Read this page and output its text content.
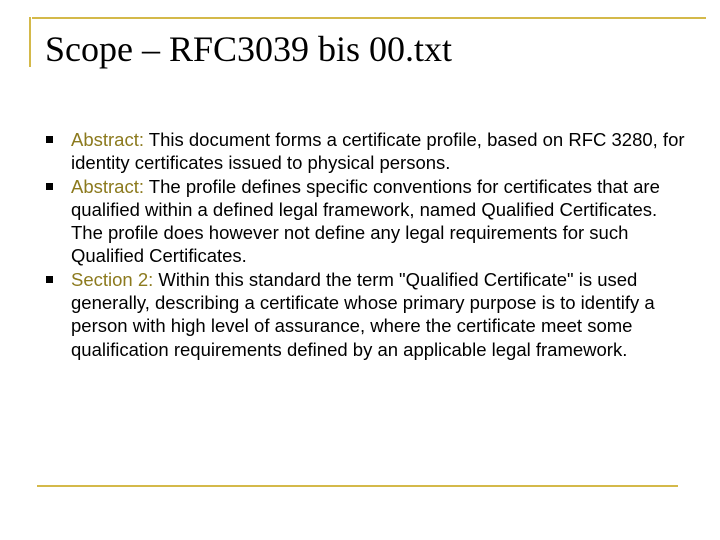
Scope – RFC3039 bis 00.txt
Abstract: This document forms a certificate profile, based on RFC 3280, for identity certificates issued to physical persons.
Abstract: The profile defines specific conventions for certificates that are qualified within a defined legal framework, named Qualified Certificates. The profile does however not define any legal requirements for such Qualified Certificates.
Section 2: Within this standard the term "Qualified Certificate" is used generally, describing a certificate whose primary purpose is to identify a person with high level of assurance, where the certificate meet some qualification requirements defined by an applicable legal framework.
